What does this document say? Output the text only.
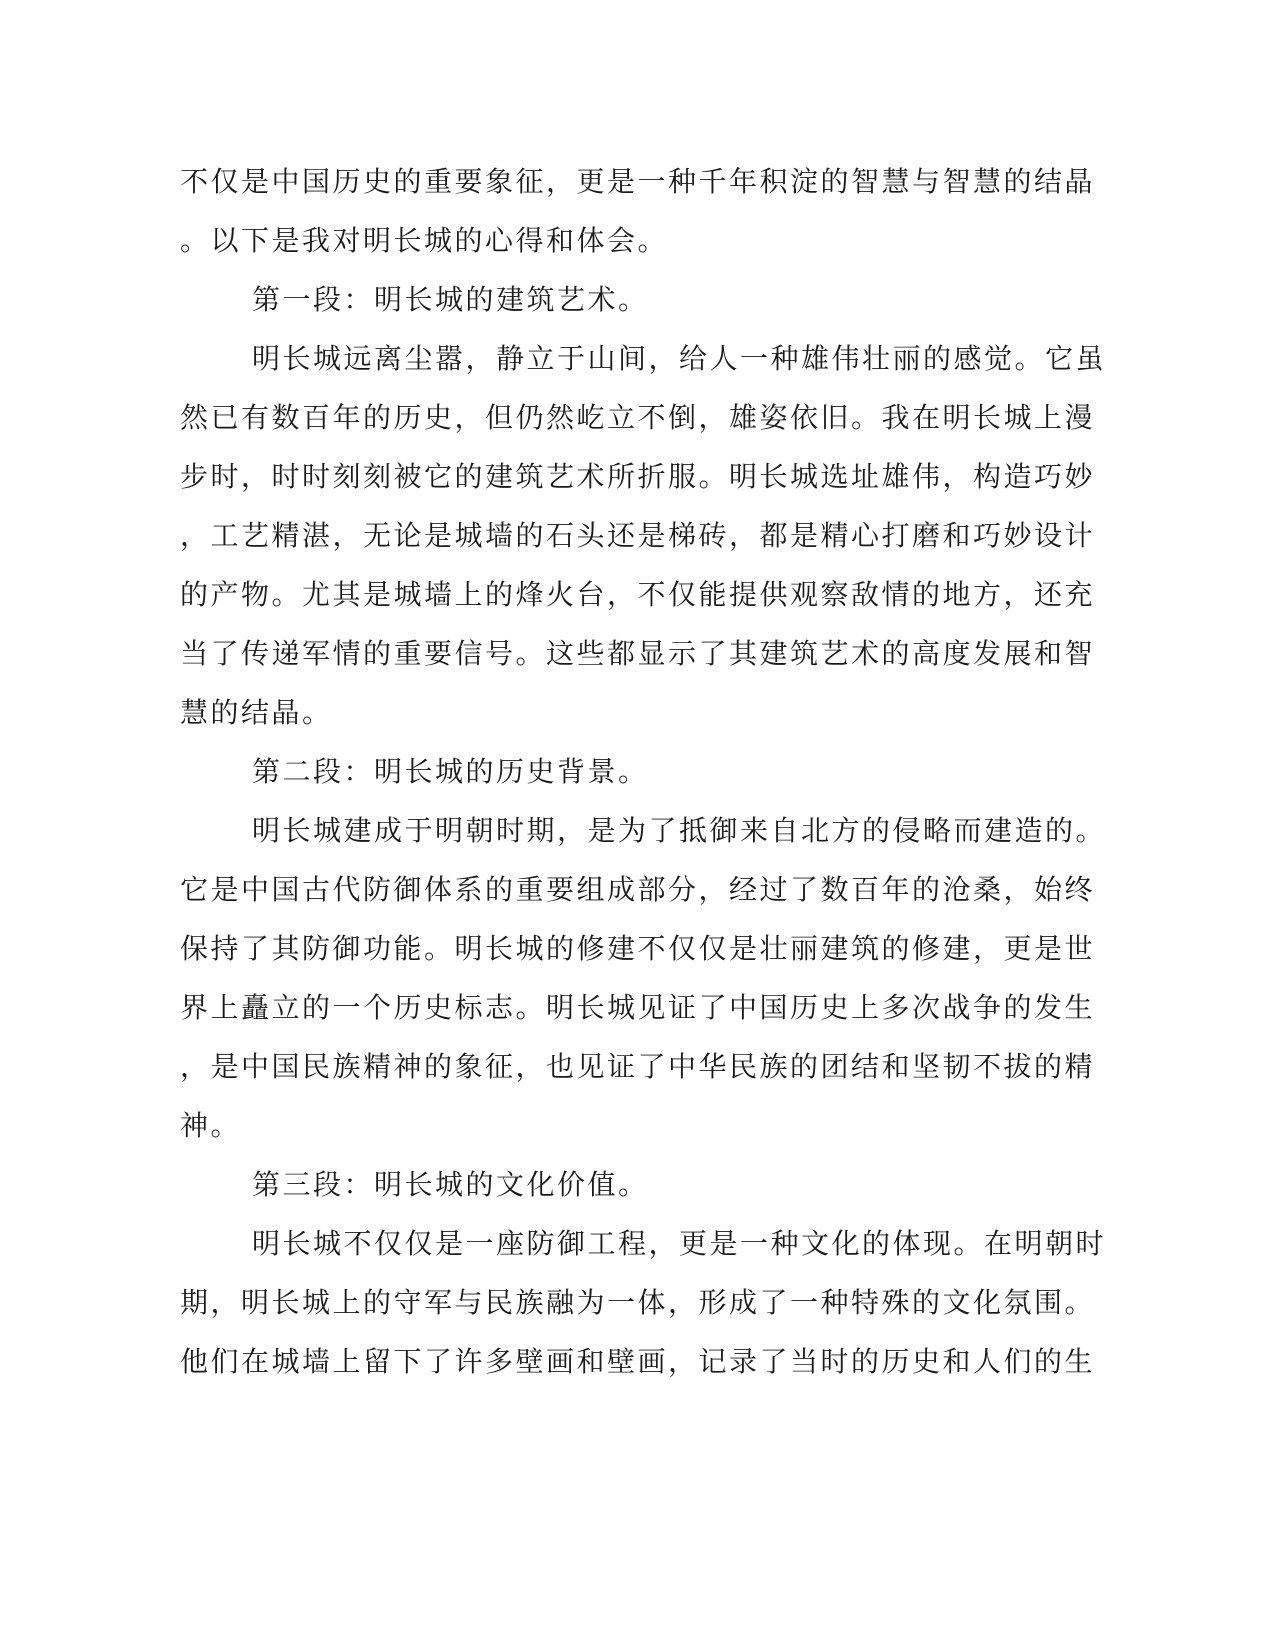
不仅是中国历史的重要象征，更是一种千年积淀的智慧与智慧的结晶
。以下是我对明长城的心得和体会。
第一段：明长城的建筑艺术。
明长城远离尘嚣，静立于山间，给人一种雄伟壮丽的感觉。它虽
然已有数百年的历史，但仍然屹立不倒，雄姿依旧。我在明长城上漫
步时，时时刻刻被它的建筑艺术所折服。明长城选址雄伟，构造巧妙
，工艺精湛，无论是城墙的石头还是梯砖，都是精心打磨和巧妙设计
的产物。尤其是城墙上的烽火台，不仅能提供观察敌情的地方，还充
当了传递军情的重要信号。这些都显示了其建筑艺术的高度发展和智
慧的结晶。
第二段：明长城的历史背景。
明长城建成于明朝时期，是为了抵御来自北方的侵略而建造的。
它是中国古代防御体系的重要组成部分，经过了数百年的沧桑，始终
保持了其防御功能。明长城的修建不仅仅是壮丽建筑的修建，更是世
界上矗立的一个历史标志。明长城见证了中国历史上多次战争的发生
，是中国民族精神的象征，也见证了中华民族的团结和坚韧不拔的精
神。
第三段：明长城的文化价值。
明长城不仅仅是一座防御工程，更是一种文化的体现。在明朝时
期，明长城上的守军与民族融为一体，形成了一种特殊的文化氛围。
他们在城墙上留下了许多壁画和壁画，记录了当时的历史和人们的生
